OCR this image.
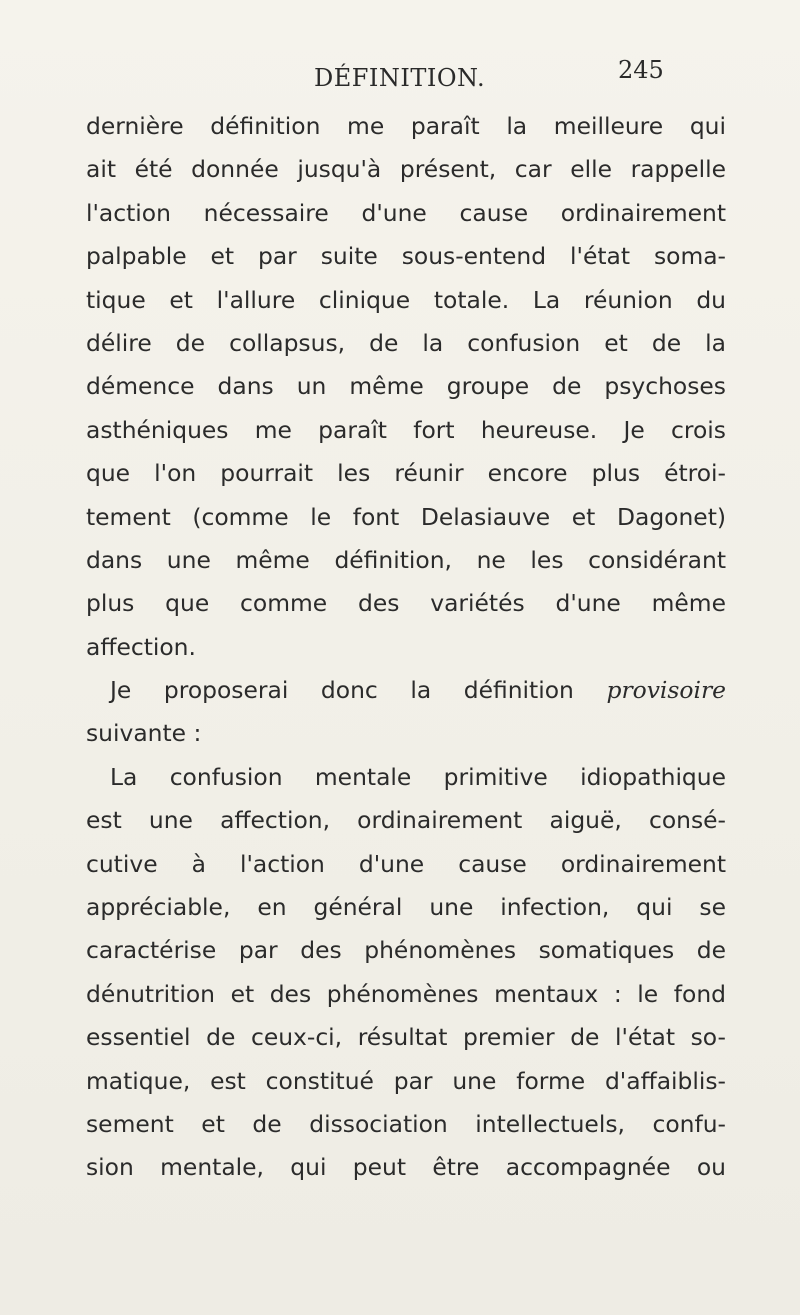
DÉFINITION.	245
dernière définition me paraît la meilleure qui
ait été donnée jusqu'à présent, car elle rappelle
l'action nécessaire d'une cause ordinairement
palpable et par suite sous-entend l'état soma-
tique et l'allure clinique totale. La réunion du
délire de collapsus, de la confusion et de la
démence dans un même groupe de psychoses
asthéniques me paraît fort heureuse. Je crois
que l'on pourrait les réunir encore plus étroi-
tement (comme le font Delasiauve et Dagonet)
dans une même définition, ne les considérant
plus que comme des variétés d'une même
affection.
Je proposerai donc la définition provisoire
suivante :
La confusion mentale primitive idiopathique
est une affection, ordinairement aiguë, consé-
cutive à l'action d'une cause ordinairement
appréciable, en général une infection, qui se
caractérise par des phénomènes somatiques de
dénutrition et des phénomènes mentaux : le fond
essentiel de ceux-ci, résultat premier de l'état so-
matique, est constitué par une forme d'affaiblis-
sement et de dissociation intellectuels, confu-
sion mentale, qui peut être accompagnée ou
